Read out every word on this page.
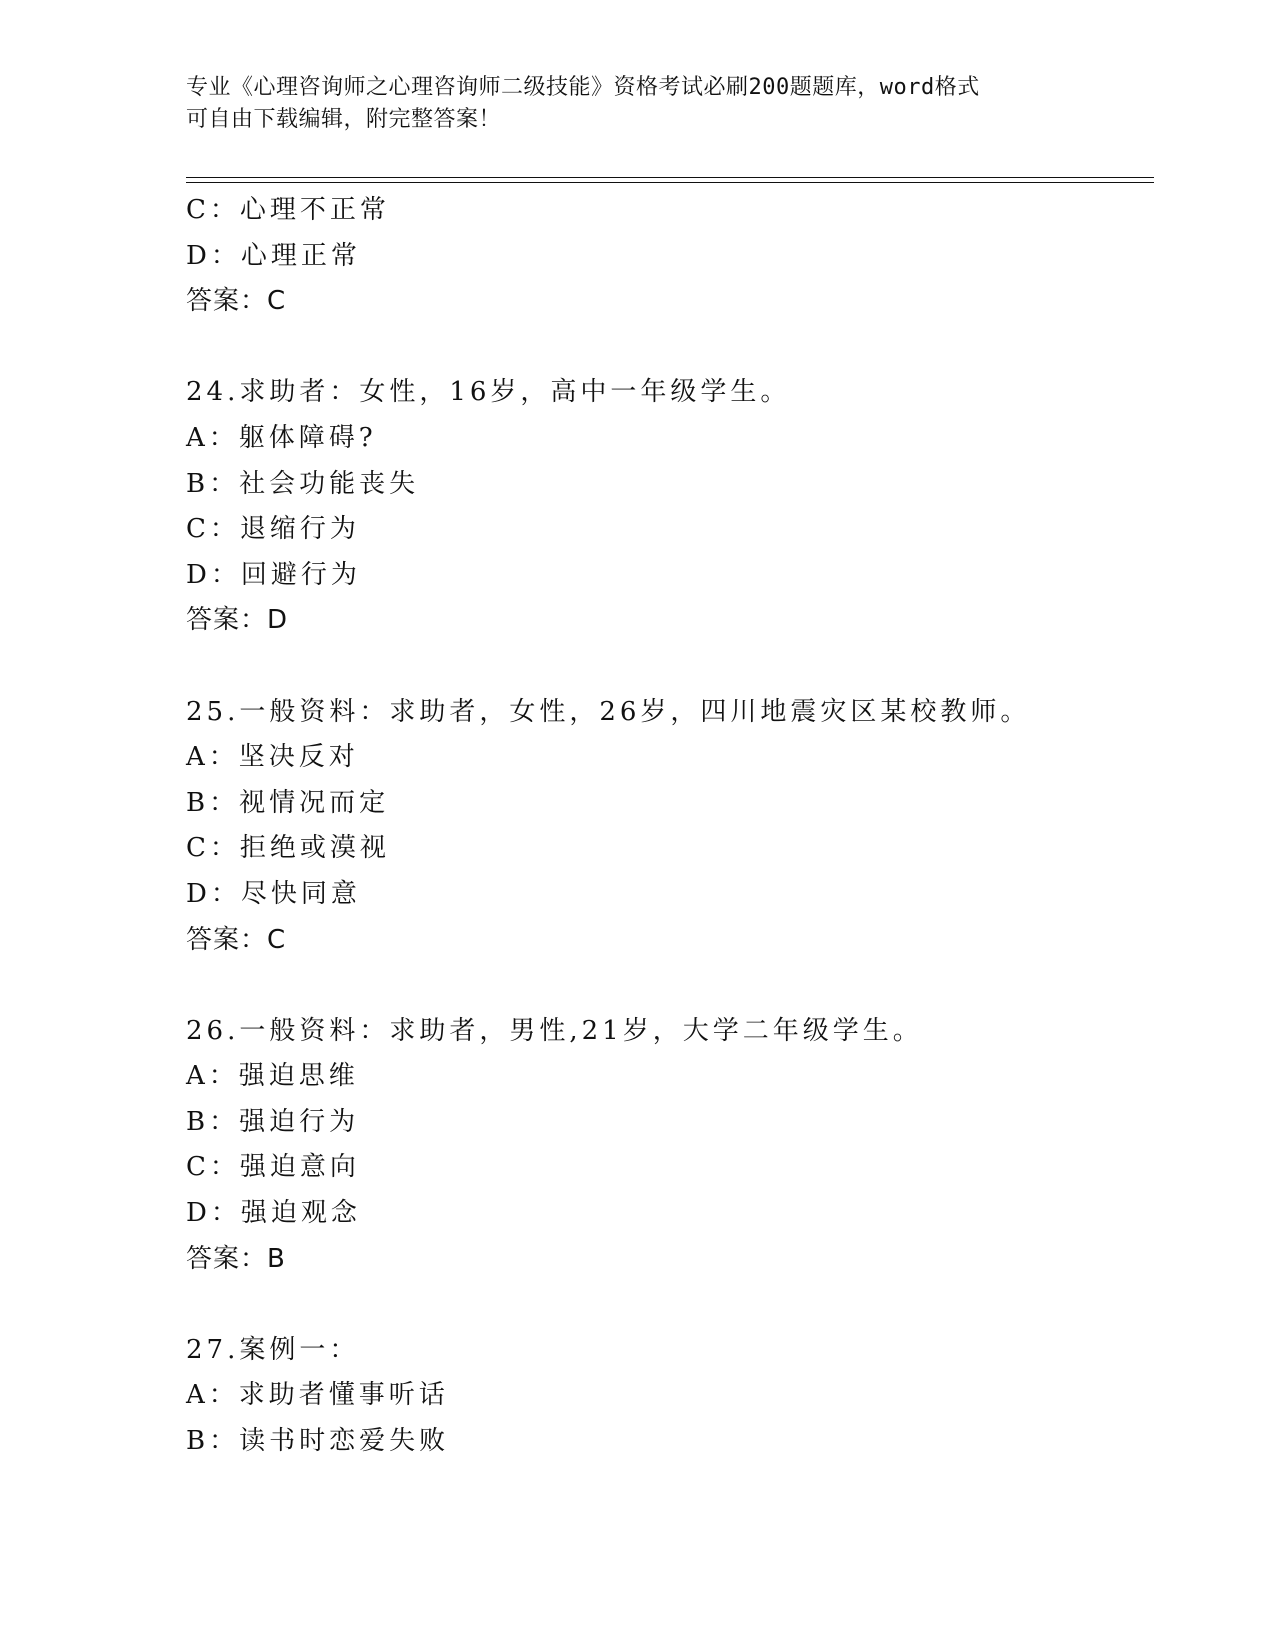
专业《心理咨询师之心理咨询师二级技能》资格考试必刷200题题库，word格式
可自由下载编辑，附完整答案！
C：心理不正常
D：心理正常
答案：C
24.求助者：女性，16岁，高中一年级学生。
A：躯体障碍?
B：社会功能丧失
C：退缩行为
D：回避行为
答案：D
25.一般资料：求助者，女性，26岁，四川地震灾区某校教师。
A：坚决反对
B：视情况而定
C：拒绝或漠视
D：尽快同意
答案：C
26.一般资料：求助者，男性,21岁，大学二年级学生。
A：强迫思维
B：强迫行为
C：强迫意向
D：强迫观念
答案：B
27.案例一：
A：求助者懂事听话
B：读书时恋爱失败
